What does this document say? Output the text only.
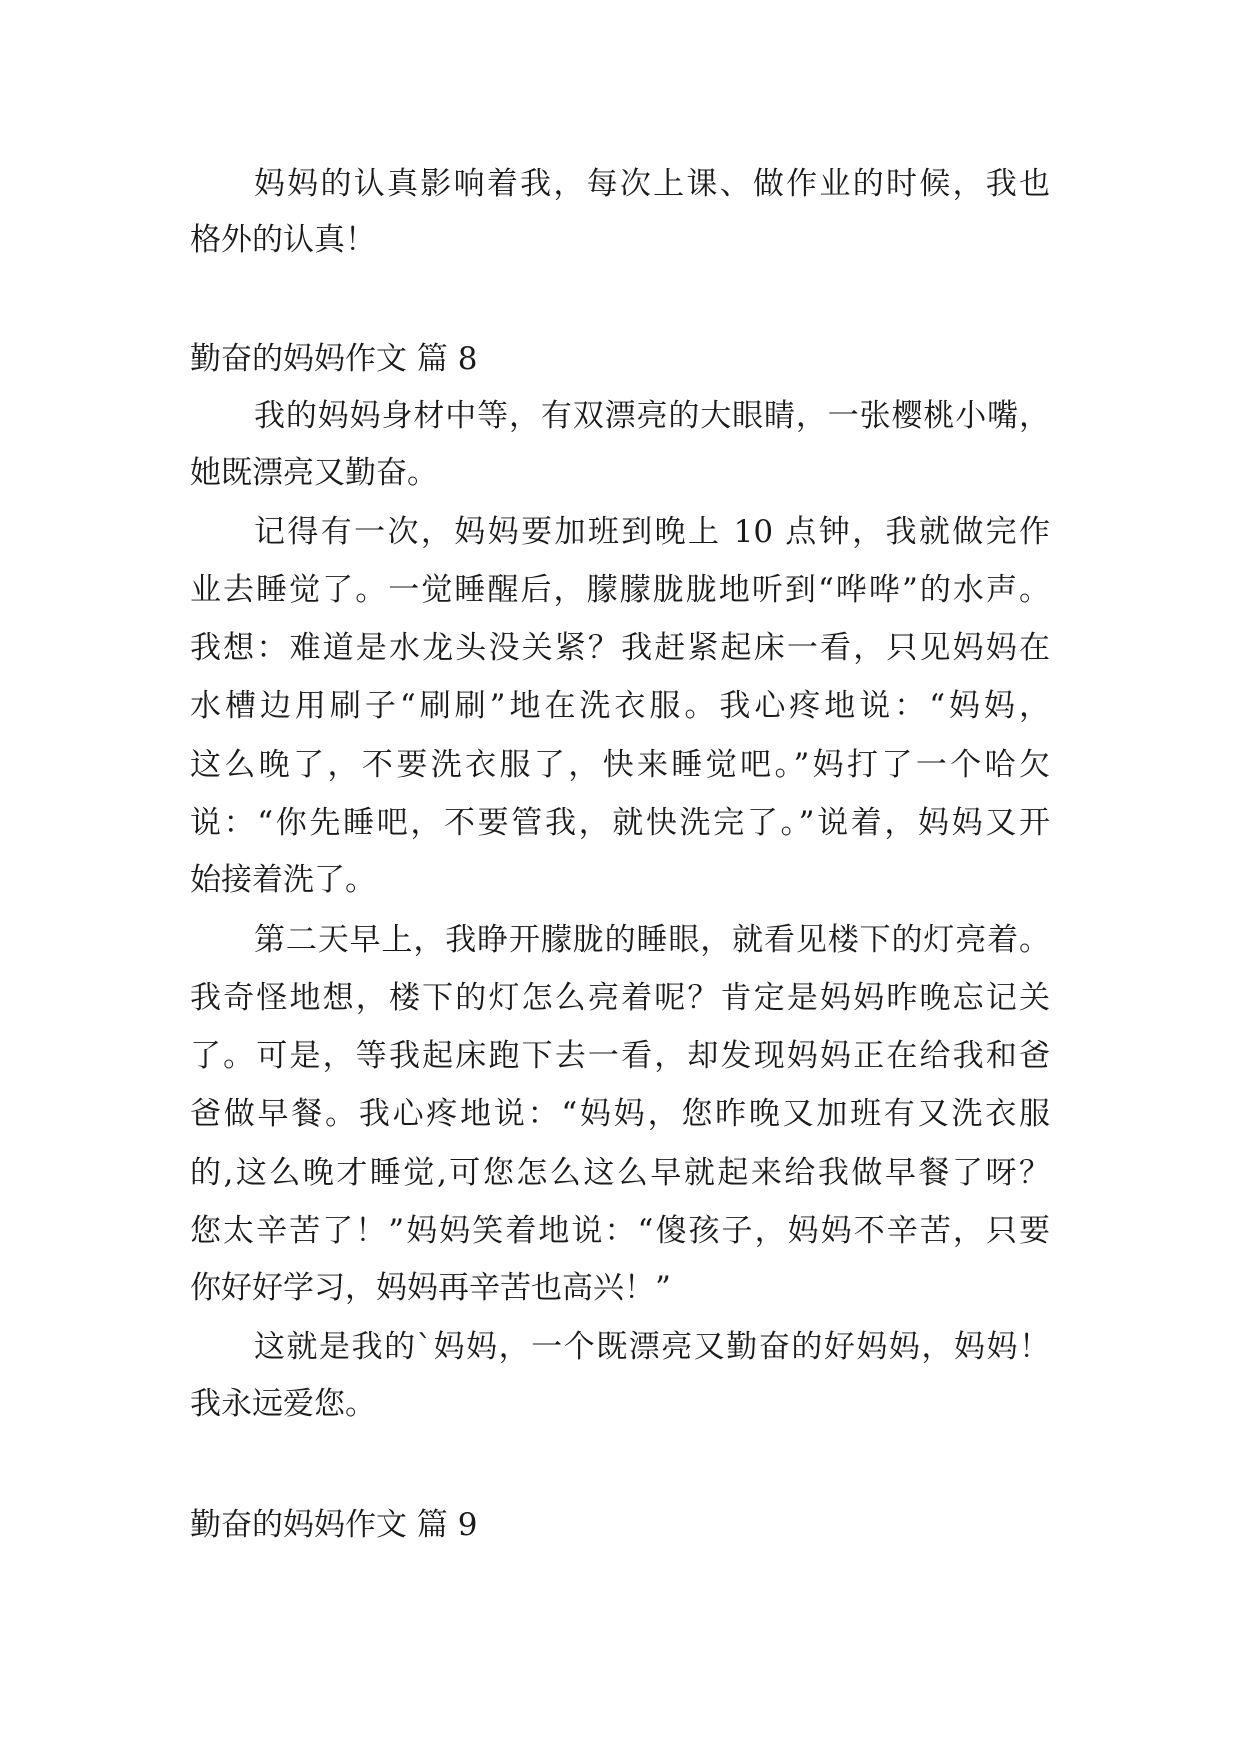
妈妈的认真影响着我，每次上课、做作业的时候，我也
格外的认真！
勤奋的妈妈作文 篇 8
我的妈妈身材中等，有双漂亮的大眼睛，一张樱桃小嘴，
她既漂亮又勤奋。
记得有一次，妈妈要加班到晚上 10 点钟，我就做完作
业去睡觉了。一觉睡醒后，朦朦胧胧地听到“哗哗”的水声。
我想：难道是水龙头没关紧？我赶紧起床一看，只见妈妈在
水槽边用刷子“刷刷”地在洗衣服。我心疼地说：“妈妈，
这么晚了，不要洗衣服了，快来睡觉吧。”妈打了一个哈欠
说：“你先睡吧，不要管我，就快洗完了。”说着，妈妈又开
始接着洗了。
第二天早上，我睁开朦胧的睡眼，就看见楼下的灯亮着。
我奇怪地想，楼下的灯怎么亮着呢？肯定是妈妈昨晚忘记关
了。可是，等我起床跑下去一看，却发现妈妈正在给我和爸
爸做早餐。我心疼地说：“妈妈，您昨晚又加班有又洗衣服
的,这么晚才睡觉,可您怎么这么早就起来给我做早餐了呀？
您太辛苦了！”妈妈笑着地说：“傻孩子，妈妈不辛苦，只要
你好好学习，妈妈再辛苦也高兴！”
这就是我的`妈妈，一个既漂亮又勤奋的好妈妈，妈妈！
我永远爱您。
勤奋的妈妈作文 篇 9
